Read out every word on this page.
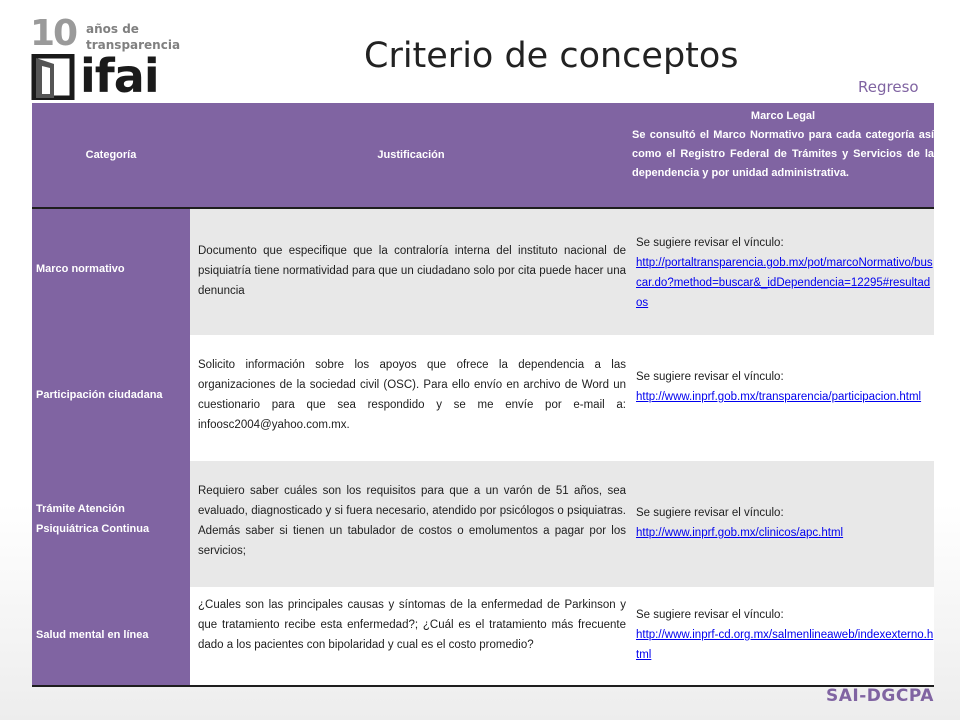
10 años de
transparencia
ifai	Criterio de conceptos
Regreso
Categoría	Justificación
Marco Legal
Se consultó el Marco Normativo para cada categoría así como el Registro Federal de Trámites y Servicios de la dependencia y por unidad administrativa.
Documento que especifique que la contraloría interna del instituto nacional de psiquiatría tiene normatividad para que un ciudadano solo por cita puede hacer una denuncia
Se sugiere revisar el vínculo:
http://portaltransparencia.gob.mx/pot/marcoNormativo/buscar.do?method=buscar&_idDependencia=12295#resultados
Marco normativo
Solicito información sobre los apoyos que ofrece la dependencia a las organizaciones de la sociedad civil (OSC). Para ello envío en archivo de Word un cuestionario para que sea respondido y se me envíe por e-mail a: infoosc2004@yahoo.com.mx.
Se sugiere revisar el vínculo:
http://www.inprf.gob.mx/transparencia/participacion.html
Participación ciudadana
Requiero saber cuáles son los requisitos para que a un varón de 51 años, sea evaluado, diagnosticado y si fuera necesario, atendido por psicólogos o psiquiatras. Además saber si tienen un tabulador de costos o emolumentos a pagar por los servicios;
Se sugiere revisar el vínculo:
http://www.inprf.gob.mx/clinicos/apc.html
Trámite Atención Psiquiátrica Continua
¿Cuales son las principales causas y síntomas de la enfermedad de Parkinson y que tratamiento recibe esta enfermedad?; ¿Cuál es el tratamiento más frecuente dado a los pacientes con bipolaridad y cual es el costo promedio?
Se sugiere revisar el vínculo:
http://www.inprf-cd.org.mx/salmenlineaweb/indexexterno.html
Salud mental en línea
SAI-DGCPA
